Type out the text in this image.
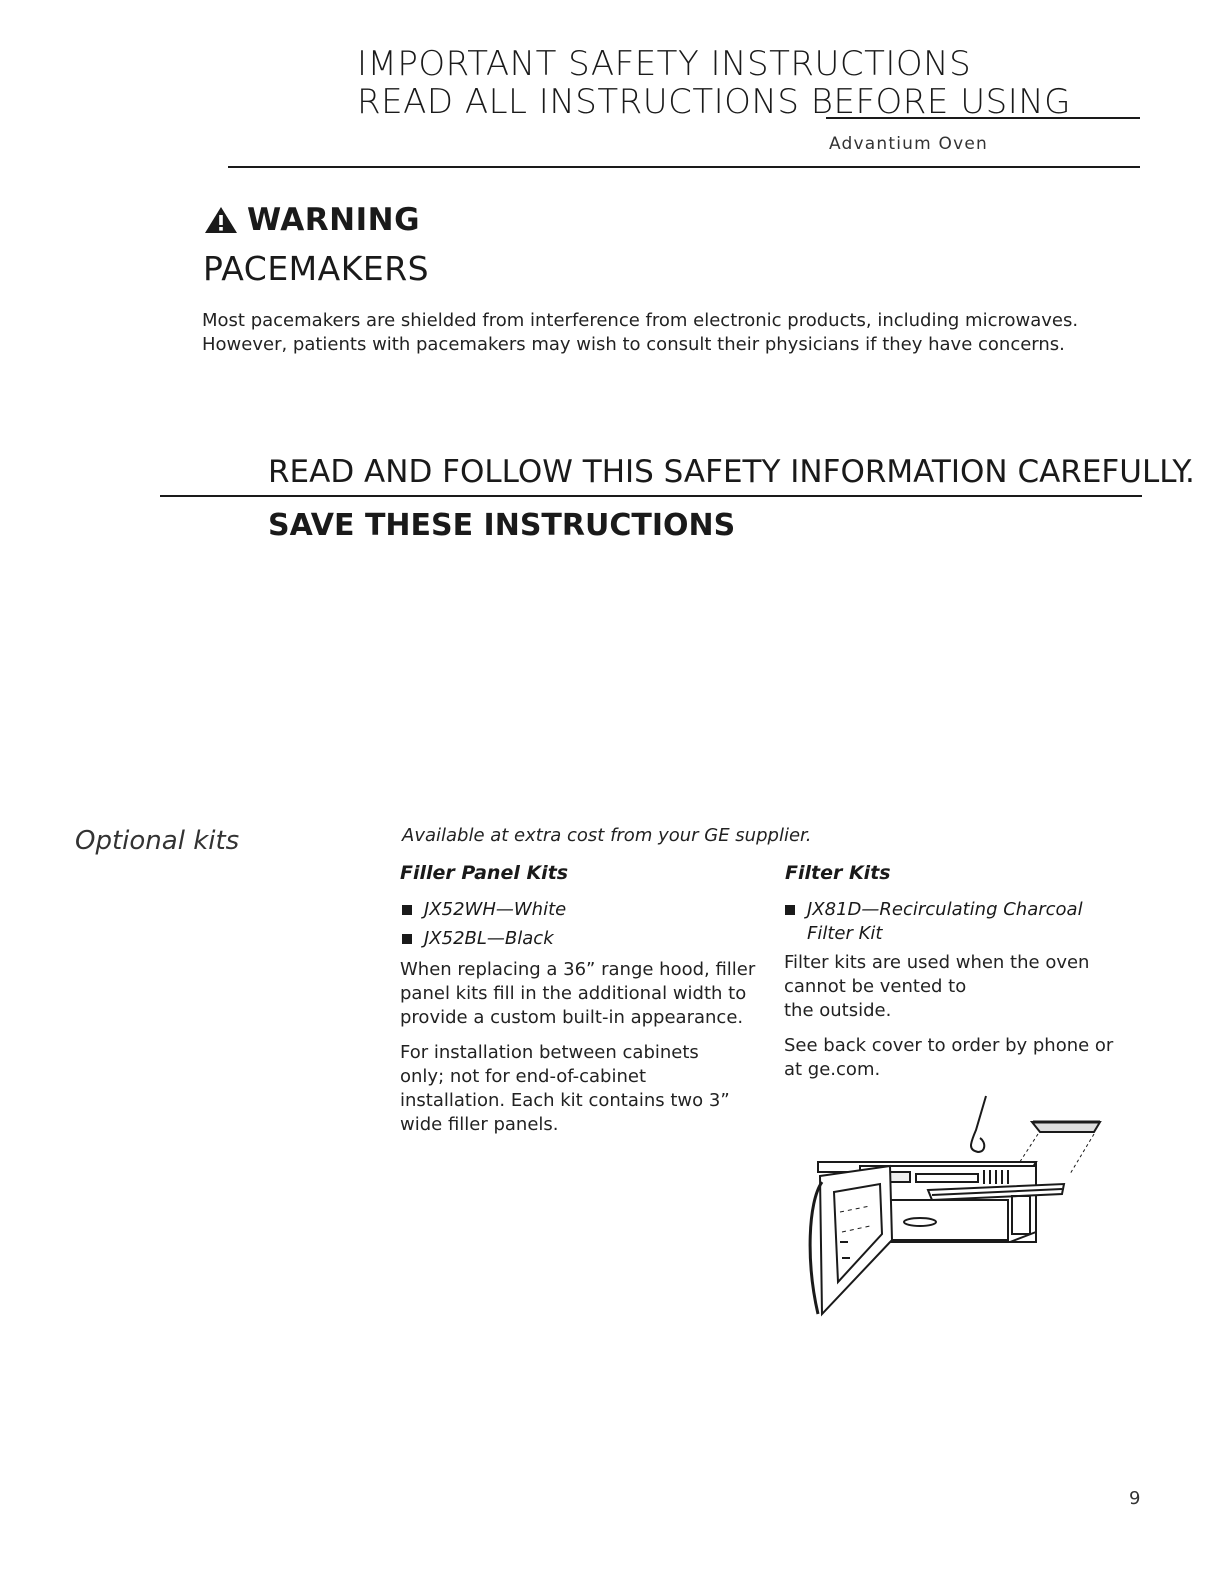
IMPORTANT SAFETY INSTRUCTIONS
READ ALL INSTRUCTIONS BEFORE USING
Advantium Oven
WARNING
PACEMAKERS
Most pacemakers are shielded from interference from electronic products, including microwaves.
However, patients with pacemakers may wish to consult their physicians if they have concerns.
READ AND FOLLOW THIS SAFETY INFORMATION CAREFULLY.
SAVE THESE INSTRUCTIONS
Optional kits	Available at extra cost from your GE supplier.
Filler Panel Kits
JX52WH—White
JX52BL—Black
When replacing a 36” range hood, filler panel kits fill in the additional width to provide a custom built-in appearance.
For installation between cabinets only; not for end-of-cabinet installation. Each kit contains two 3” wide filler panels.
Filter Kits
JX81D—Recirculating Charcoal
Filter Kit
Filter kits are used when the oven
cannot be vented to
the outside.
See back cover to order by phone or at ge.com.
9
